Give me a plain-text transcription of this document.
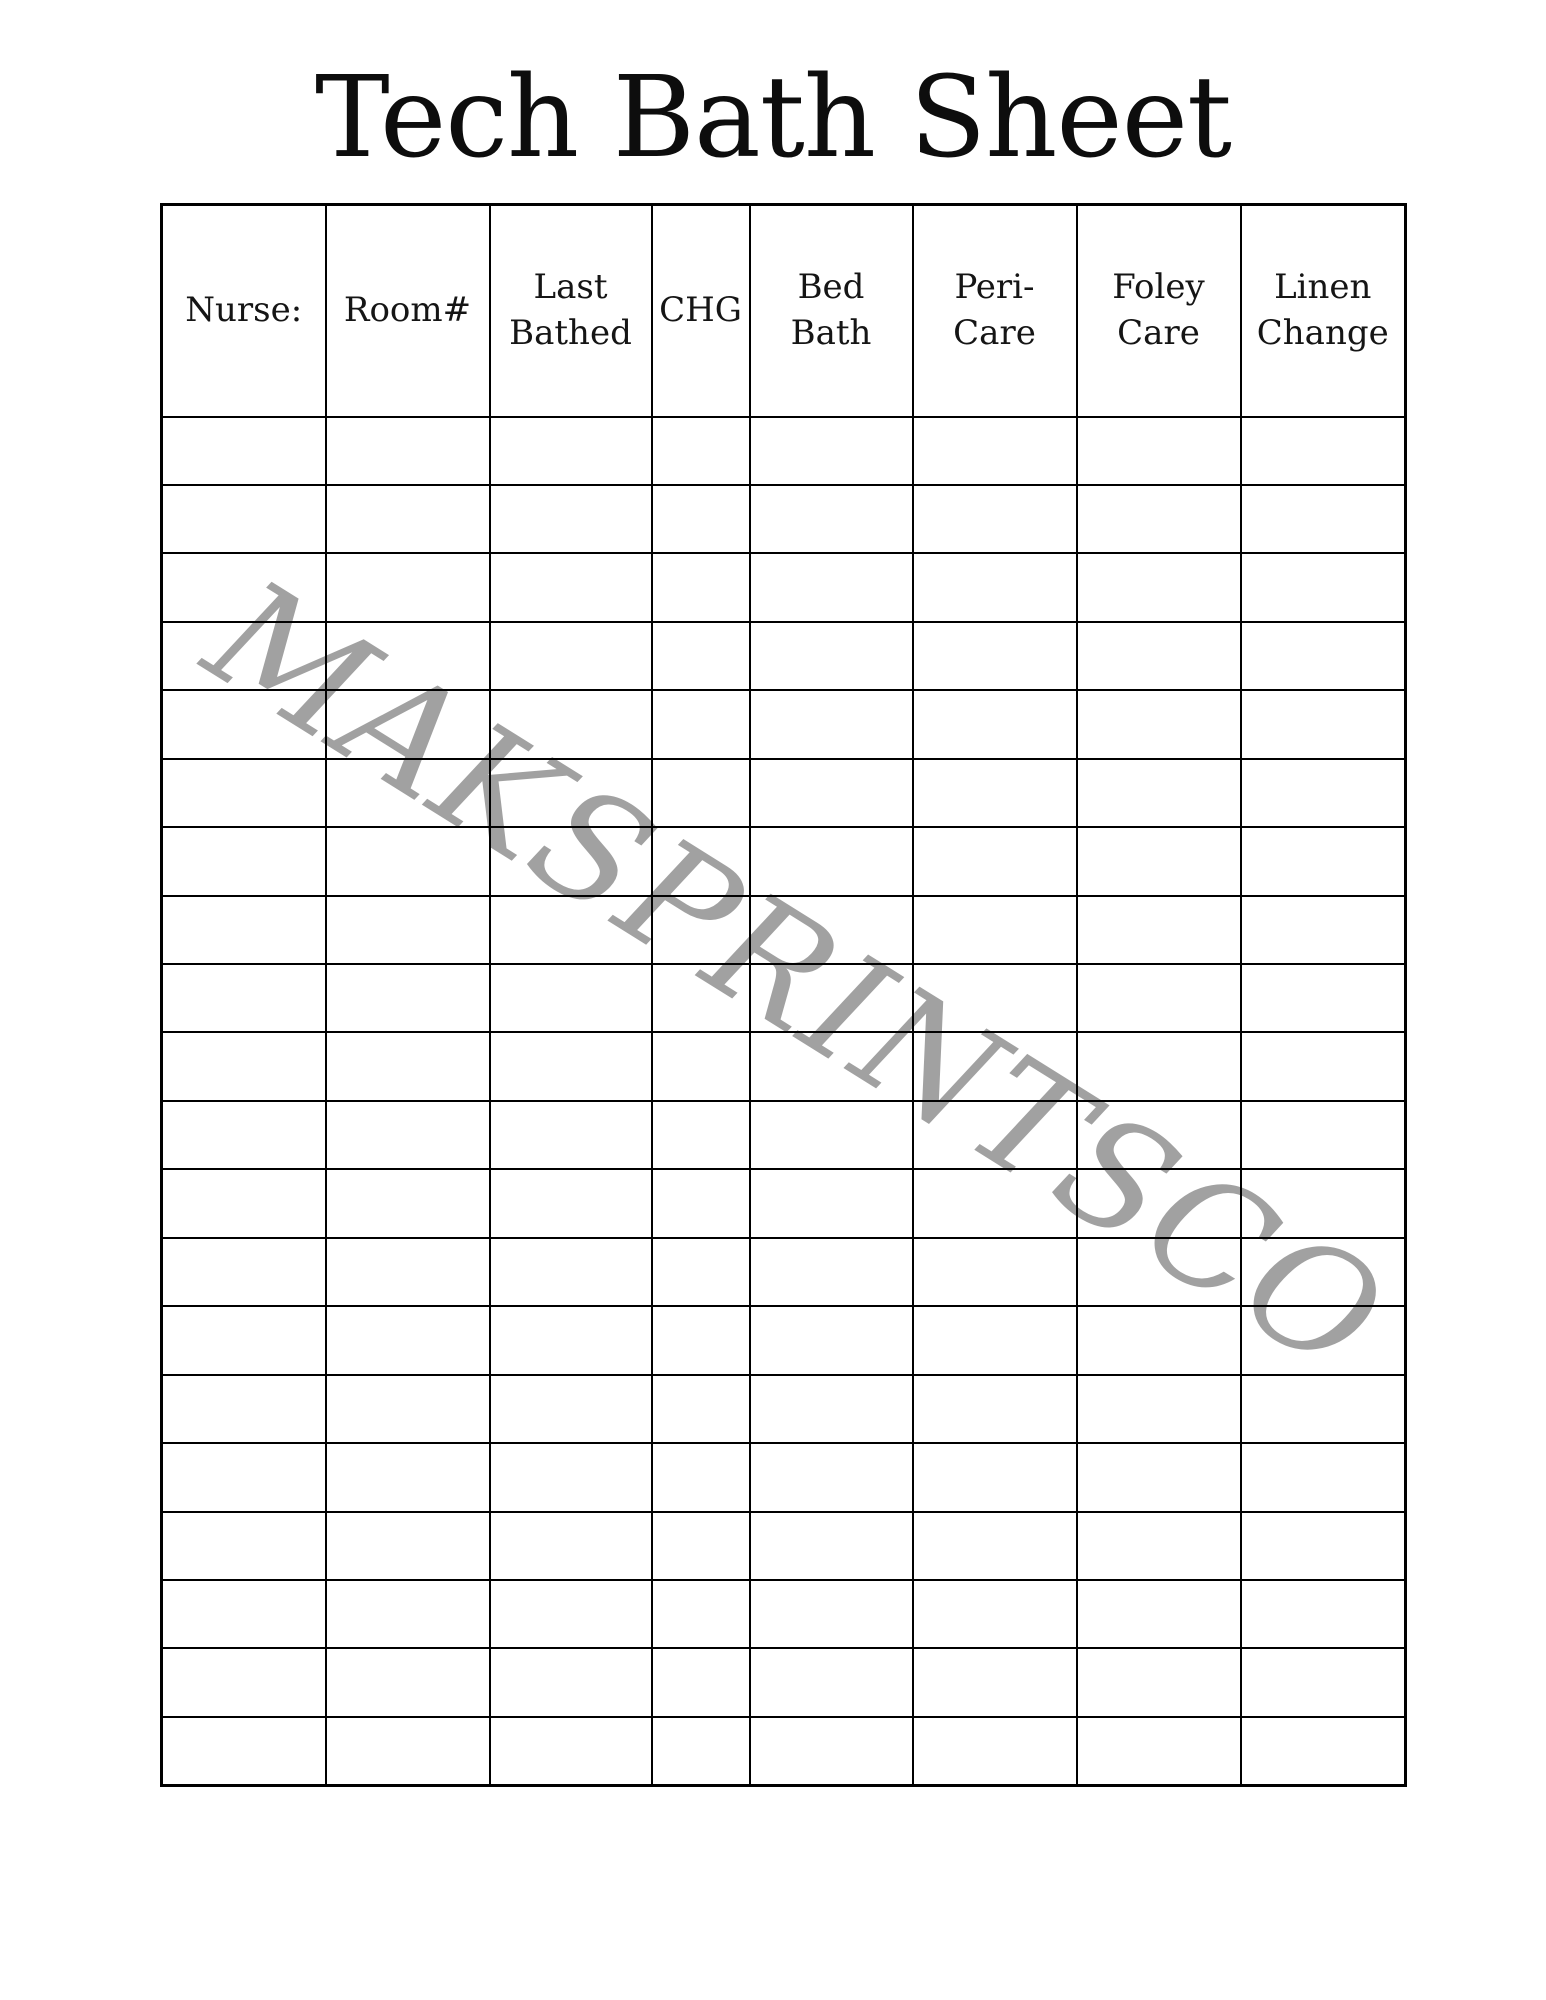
Tech Bath Sheet
MAKSPRINTSCO
Nurse:	Room#	Last Bathed	CHG	Bed Bath	Peri-Care	Foley Care	Linen Change
